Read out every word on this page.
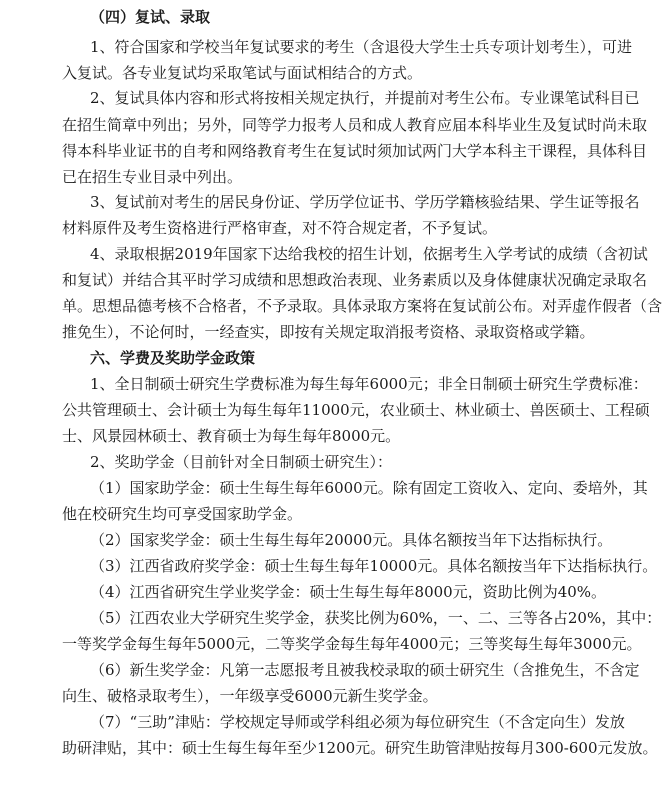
（四）复试、录取
1、符合国家和学校当年复试要求的考生（含退役大学生士兵专项计划考生），可进
入复试。各专业复试均采取笔试与面试相结合的方式。
2、复试具体内容和形式将按相关规定执行，并提前对考生公布。专业课笔试科目已
在招生简章中列出；另外，同等学力报考人员和成人教育应届本科毕业生及复试时尚未取
得本科毕业证书的自考和网络教育考生在复试时须加试两门大学本科主干课程，具体科目
已在招生专业目录中列出。
3、复试前对考生的居民身份证、学历学位证书、学历学籍核验结果、学生证等报名
材料原件及考生资格进行严格审查，对不符合规定者，不予复试。
4、录取根据2019年国家下达给我校的招生计划，依据考生入学考试的成绩（含初试
和复试）并结合其平时学习成绩和思想政治表现、业务素质以及身体健康状况确定录取名
单。思想品德考核不合格者，不予录取。具体录取方案将在复试前公布。对弄虚作假者（含
推免生），不论何时，一经查实，即按有关规定取消报考资格、录取资格或学籍。
六、学费及奖助学金政策
1、全日制硕士研究生学费标准为每生每年6000元；非全日制硕士研究生学费标准：
公共管理硕士、会计硕士为每生每年11000元，农业硕士、林业硕士、兽医硕士、工程硕
士、风景园林硕士、教育硕士为每生每年8000元。
2、奖助学金（目前针对全日制硕士研究生）：
（1）国家助学金：硕士生每生每年6000元。除有固定工资收入、定向、委培外，其
他在校研究生均可享受国家助学金。
（2）国家奖学金：硕士生每生每年20000元。具体名额按当年下达指标执行。
（3）江西省政府奖学金：硕士生每生每年10000元。具体名额按当年下达指标执行。
（4）江西省研究生学业奖学金：硕士生每生每年8000元，资助比例为40%。
（5）江西农业大学研究生奖学金，获奖比例为60%，一、二、三等各占20%，其中：
一等奖学金每生每年5000元，二等奖学金每生每年4000元；三等奖每生每年3000元。
（6）新生奖学金：凡第一志愿报考且被我校录取的硕士研究生（含推免生，不含定
向生、破格录取考生），一年级享受6000元新生奖学金。
（7）“三助”津贴：学校规定导师或学科组必须为每位研究生（不含定向生）发放
助研津贴，其中：硕士生每生每年至少1200元。研究生助管津贴按每月300-600元发放。
